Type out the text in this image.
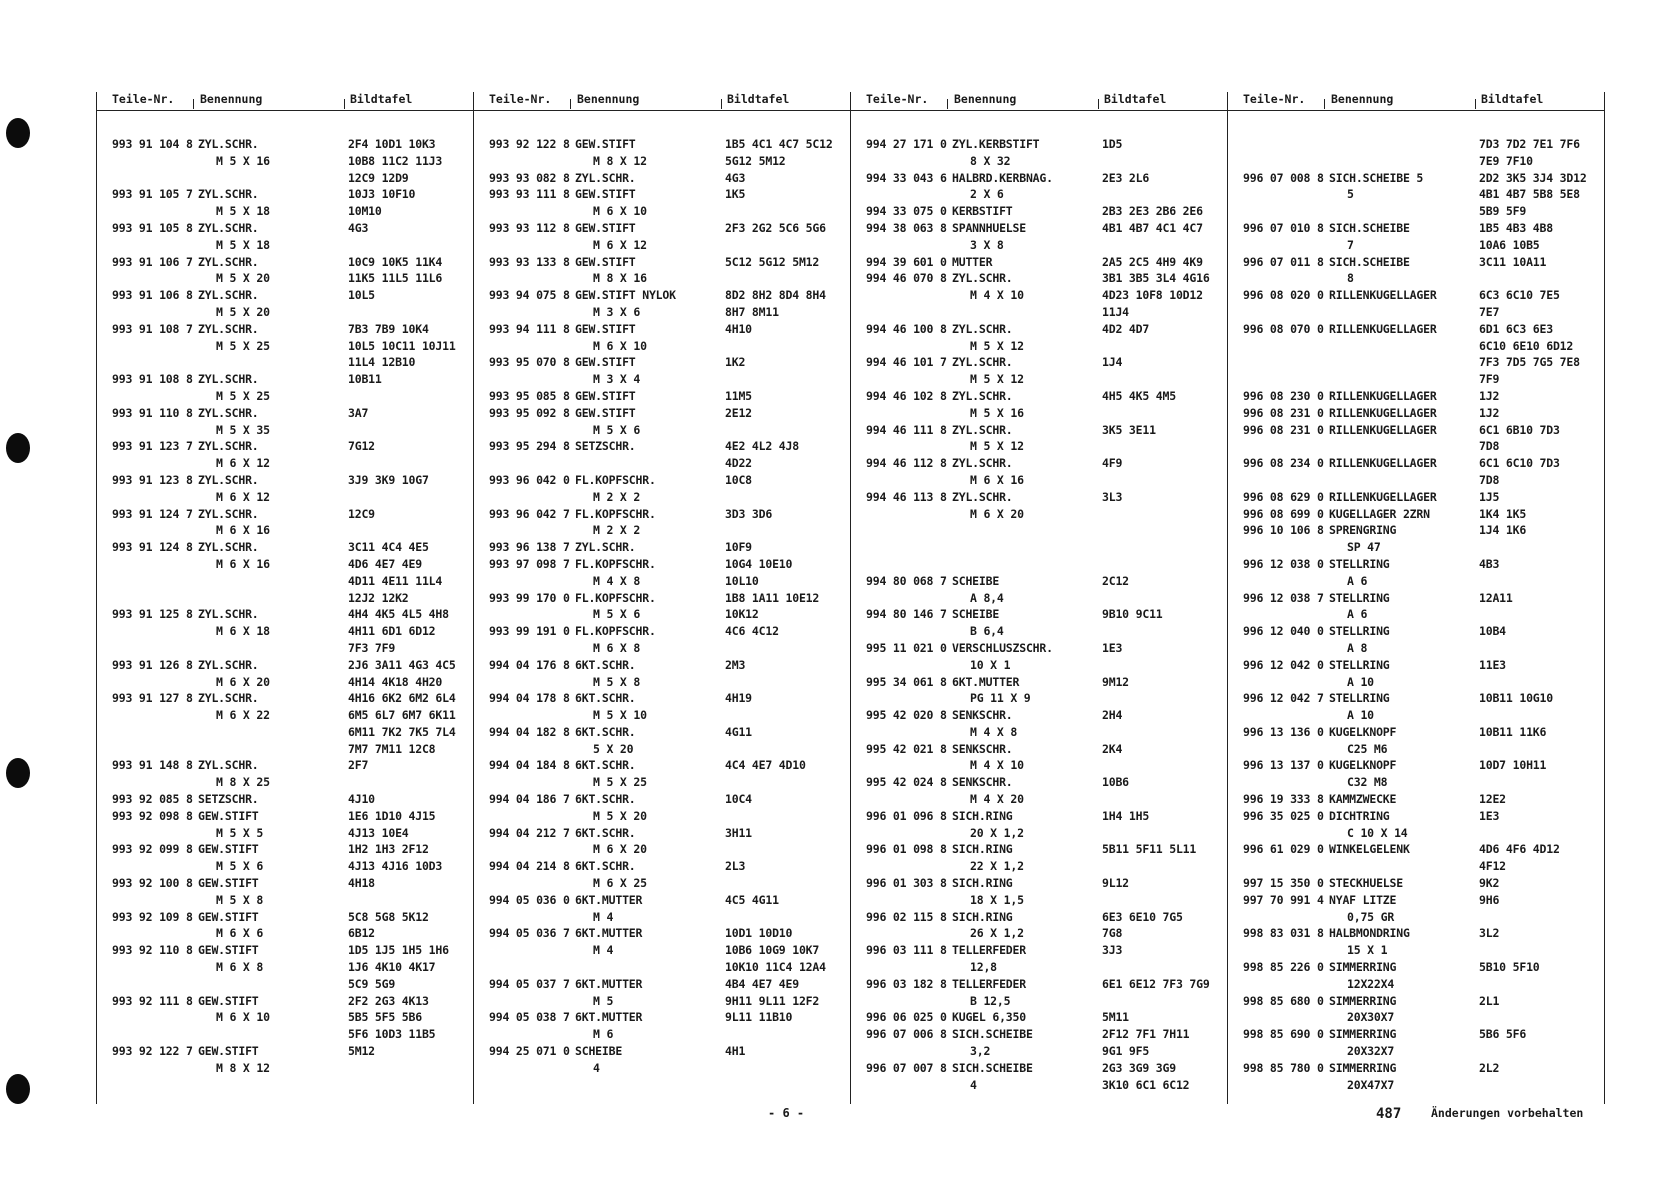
Teile-Nr. Benennung	Bildtafel
993 91 104 8 ZYL.SCHR.	2F4 10D1 10K3
M 5 X 16	10B8 11C2 11J3
12C9 12D9
993 91 105 7 ZYL.SCHR.	10J3 10F10
M 5 X 18	10M10
993 91 105 8 ZYL.SCHR.	4G3
M 5 X 18
993 91 106 7 ZYL.SCHR.	10C9 10K5 11K4
M 5 X 20	11K5 11L5 11L6
993 91 106 8 ZYL.SCHR.	10L5
M 5 X 20
993 91 108 7 ZYL.SCHR.	7B3 7B9 10K4
M 5 X 25	10L5 10C11 10J11
11L4 12B10
993 91 108 8 ZYL.SCHR.	10B11
M 5 X 25
993 91 110 8 ZYL.SCHR.	3A7
M 5 X 35
993 91 123 7 ZYL.SCHR.	7G12
M 6 X 12
993 91 123 8 ZYL.SCHR.	3J9 3K9 10G7
M 6 X 12
993 91 124 7 ZYL.SCHR.	12C9
M 6 X 16
993 91 124 8 ZYL.SCHR.	3C11 4C4 4E5
M 6 X 16	4D6 4E7 4E9
4D11 4E11 11L4
12J2 12K2
993 91 125 8 ZYL.SCHR.	4H4 4K5 4L5 4H8
M 6 X 18	4H11 6D1 6D12
7F3 7F9
993 91 126 8 ZYL.SCHR.	2J6 3A11 4G3 4C5
M 6 X 20	4H14 4K18 4H20
993 91 127 8 ZYL.SCHR.	4H16 6K2 6M2 6L4
M 6 X 22	6M5 6L7 6M7 6K11
6M11 7K2 7K5 7L4
7M7 7M11 12C8
993 91 148 8 ZYL.SCHR.	2F7
M 8 X 25
993 92 085 8 SETZSCHR.	4J10
993 92 098 8 GEW.STIFT	1E6 1D10 4J15
M 5 X 5	4J13 10E4
993 92 099 8 GEW.STIFT	1H2 1H3 2F12
M 5 X 6	4J13 4J16 10D3
993 92 100 8 GEW.STIFT	4H18
M 5 X 8
993 92 109 8 GEW.STIFT	5C8 5G8 5K12
M 6 X 6	6B12
993 92 110 8 GEW.STIFT	1D5 1J5 1H5 1H6
M 6 X 8	1J6 4K10 4K17
5C9 5G9
993 92 111 8 GEW.STIFT	2F2 2G3 4K13
M 6 X 10	5B5 5F5 5B6
5F6 10D3 11B5
993 92 122 7 GEW.STIFT	5M12
M 8 X 12
Teile-Nr. Benennung	Bildtafel
993 92 122 8 GEW.STIFT	1B5 4C1 4C7 5C12
M 8 X 12	5G12 5M12
993 93 082 8 ZYL.SCHR.	4G3
993 93 111 8 GEW.STIFT	1K5
M 6 X 10
993 93 112 8 GEW.STIFT	2F3 2G2 5C6 5G6
M 6 X 12
993 93 133 8 GEW.STIFT	5C12 5G12 5M12
M 8 X 16
993 94 075 8 GEW.STIFT NYLOK	8D2 8H2 8D4 8H4
M 3 X 6	8H7 8M11
993 94 111 8 GEW.STIFT	4H10
M 6 X 10
993 95 070 8 GEW.STIFT	1K2
M 3 X 4
993 95 085 8 GEW.STIFT	11M5
993 95 092 8 GEW.STIFT	2E12
M 5 X 6
993 95 294 8 SETZSCHR.	4E2 4L2 4J8
4D22
993 96 042 0 FL.KOPFSCHR.	10C8
M 2 X 2
993 96 042 7 FL.KOPFSCHR.	3D3 3D6
M 2 X 2
993 96 138 7 ZYL.SCHR.	10F9
993 97 098 7 FL.KOPFSCHR.	10G4 10E10
M 4 X 8	10L10
993 99 170 0 FL.KOPFSCHR.	1B8 1A11 10E12
M 5 X 6	10K12
993 99 191 0 FL.KOPFSCHR.	4C6 4C12
M 6 X 8
994 04 176 8 6KT.SCHR.	2M3
M 5 X 8
994 04 178 8 6KT.SCHR.	4H19
M 5 X 10
994 04 182 8 6KT.SCHR.	4G11
5 X 20
994 04 184 8 6KT.SCHR.	4C4 4E7 4D10
M 5 X 25
994 04 186 7 6KT.SCHR.	10C4
M 5 X 20
994 04 212 7 6KT.SCHR.	3H11
M 6 X 20
994 04 214 8 6KT.SCHR.	2L3
M 6 X 25
994 05 036 0 6KT.MUTTER	4C5 4G11
M 4
994 05 036 7 6KT.MUTTER	10D1 10D10
M 4	10B6 10G9 10K7
10K10 11C4 12A4
994 05 037 7 6KT.MUTTER	4B4 4E7 4E9
M 5	9H11 9L11 12F2
994 05 038 7 6KT.MUTTER	9L11 11B10
M 6
994 25 071 0 SCHEIBE	4H1
4
Teile-Nr. Benennung	Bildtafel
994 27 171 0 ZYL.KERBSTIFT	1D5
8 X 32
994 33 043 6 HALBRD.KERBNAG.	2E3 2L6
2 X 6
994 33 075 0 KERBSTIFT	2B3 2E3 2B6 2E6
994 38 063 8 SPANNHUELSE	4B1 4B7 4C1 4C7
3 X 8
994 39 601 0 MUTTER	2A5 2C5 4H9 4K9
994 46 070 8 ZYL.SCHR.	3B1 3B5 3L4 4G16
M 4 X 10	4D23 10F8 10D12
11J4
994 46 100 8 ZYL.SCHR.	4D2 4D7
M 5 X 12
994 46 101 7 ZYL.SCHR.	1J4
M 5 X 12
994 46 102 8 ZYL.SCHR.	4H5 4K5 4M5
M 5 X 16
994 46 111 8 ZYL.SCHR.	3K5 3E11
M 5 X 12
994 46 112 8 ZYL.SCHR.	4F9
M 6 X 16
994 46 113 8 ZYL.SCHR.	3L3
M 6 X 20
994 80 068 7 SCHEIBE	2C12
A 8,4
994 80 146 7 SCHEIBE	9B10 9C11
B 6,4
995 11 021 0 VERSCHLUSZSCHR.	1E3
10 X 1
995 34 061 8 6KT.MUTTER	9M12
PG 11 X 9
995 42 020 8 SENKSCHR.	2H4
M 4 X 8
995 42 021 8 SENKSCHR.	2K4
M 4 X 10
995 42 024 8 SENKSCHR.	10B6
M 4 X 20
996 01 096 8 SICH.RING	1H4 1H5
20 X 1,2
996 01 098 8 SICH.RING	5B11 5F11 5L11
22 X 1,2
996 01 303 8 SICH.RING	9L12
18 X 1,5
996 02 115 8 SICH.RING	6E3 6E10 7G5
26 X 1,2	7G8
996 03 111 8 TELLERFEDER	3J3
12,8
996 03 182 8 TELLERFEDER	6E1 6E12 7F3 7G9
B 12,5
996 06 025 0 KUGEL 6,350	5M11
996 07 006 8 SICH.SCHEIBE	2F12 7F1 7H11
3,2	9G1 9F5
996 07 007 8 SICH.SCHEIBE	2G3 3G9 3G9
4	3K10 6C1 6C12
Teile-Nr. Benennung	Bildtafel
7D3 7D2 7E1 7F6
7E9 7F10
996 07 008 8 SICH.SCHEIBE 5	2D2 3K5 3J4 3D12
5	4B1 4B7 5B8 5E8
5B9 5F9
996 07 010 8 SICH.SCHEIBE	1B5 4B3 4B8
7	10A6 10B5
996 07 011 8 SICH.SCHEIBE	3C11 10A11
8
996 08 020 0 RILLENKUGELLAGER	6C3 6C10 7E5
7E7
996 08 070 0 RILLENKUGELLAGER	6D1 6C3 6E3
6C10 6E10 6D12
7F3 7D5 7G5 7E8
7F9
996 08 230 0 RILLENKUGELLAGER	1J2
996 08 231 0 RILLENKUGELLAGER	1J2
996 08 231 0 RILLENKUGELLAGER	6C1 6B10 7D3
7D8
996 08 234 0 RILLENKUGELLAGER	6C1 6C10 7D3
7D8
996 08 629 0 RILLENKUGELLAGER	1J5
996 08 699 0 KUGELLAGER 2ZRN	1K4 1K5
996 10 106 8 SPRENGRING	1J4 1K6
SP 47
996 12 038 0 STELLRING	4B3
A 6
996 12 038 7 STELLRING	12A11
A 6
996 12 040 0 STELLRING	10B4
A 8
996 12 042 0 STELLRING	11E3
A 10
996 12 042 7 STELLRING	10B11 10G10
A 10
996 13 136 0 KUGELKNOPF	10B11 11K6
C25 M6
996 13 137 0 KUGELKNOPF	10D7 10H11
C32 M8
996 19 333 8 KAMMZWECKE	12E2
996 35 025 0 DICHTRING	1E3
C 10 X 14
996 61 029 0 WINKELGELENK	4D6 4F6 4D12
4F12
997 15 350 0 STECKHUELSE	9K2
997 70 991 4 NYAF LITZE	9H6
0,75 GR
998 83 031 8 HALBMONDRING	3L2
15 X 1
998 85 226 0 SIMMERRING	5B10 5F10
12X22X4
998 85 680 0 SIMMERRING	2L1
20X30X7
998 85 690 0 SIMMERRING	5B6 5F6
20X32X7
998 85 780 0 SIMMERRING	2L2
20X47X7
- 6 -	487	Änderungen vorbehalten
